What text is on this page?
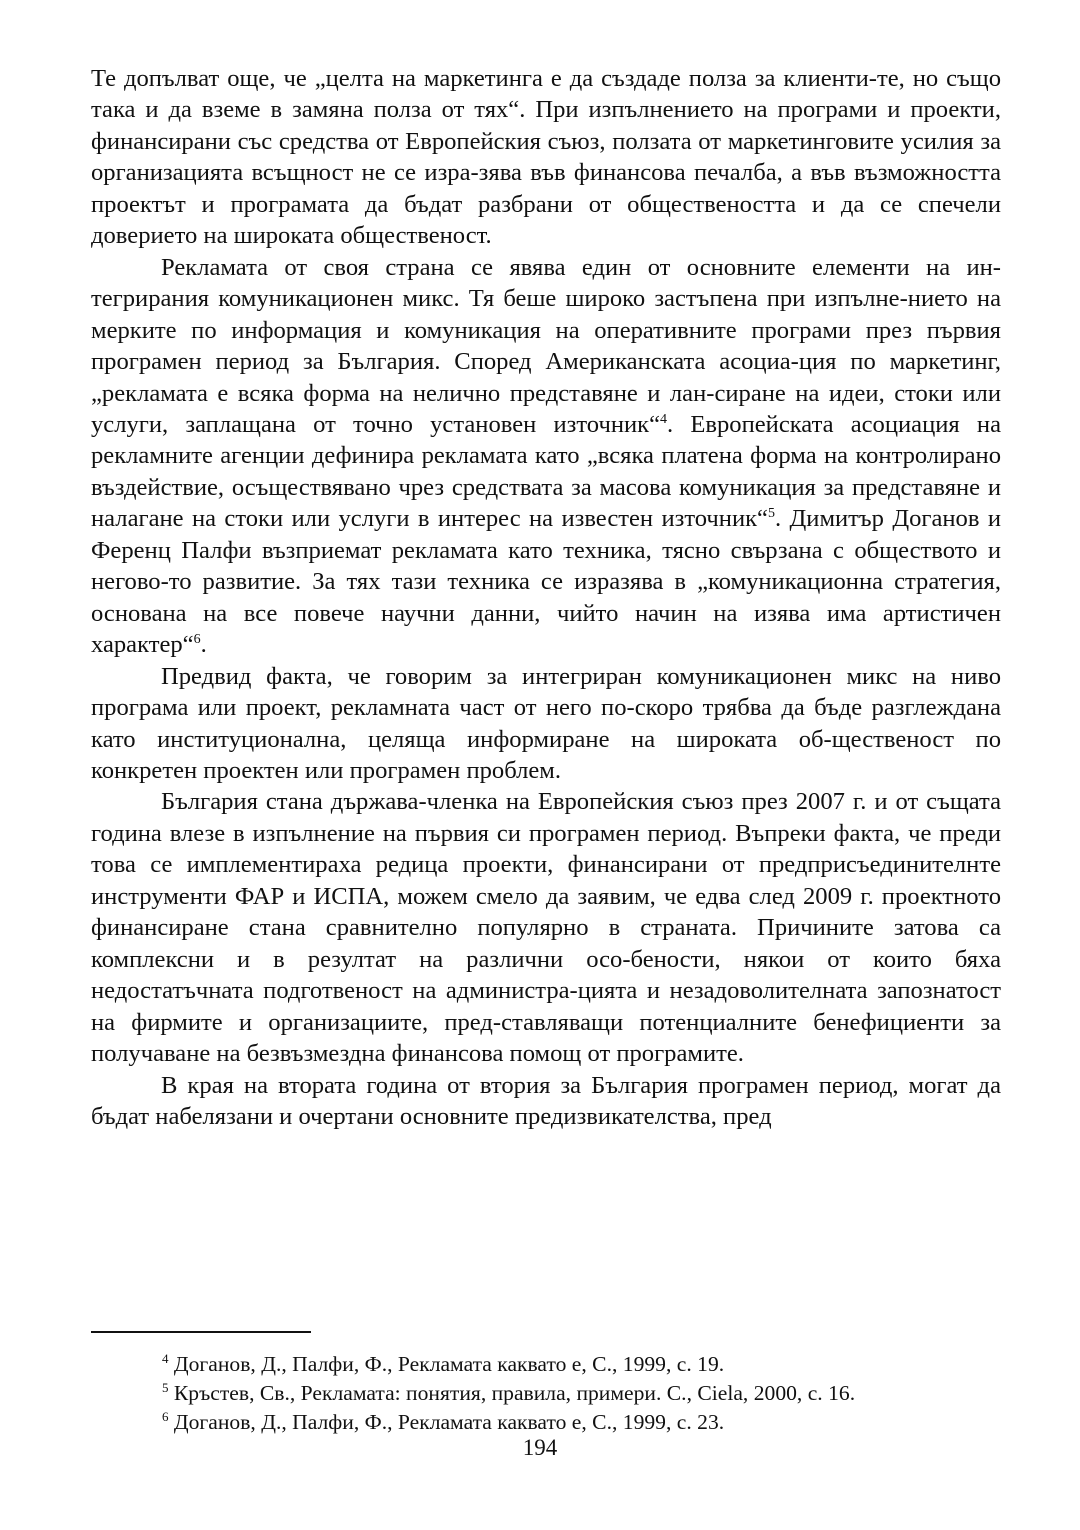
Те допълват още, че „целта на маркетинга е да създаде полза за клиенти-те, но също така и да вземе в замяна полза от тях“. При изпълнението на програми и проекти, финансирани със средства от Европейския съюз, ползата от маркетинговите усилия за организацията всъщност не се изра-зява във финансова печалба, а във възможността проектът и програмата да бъдат разбрани от обществеността и да се спечели доверието на широката общественост.

Рекламата от своя страна се явява един от основните елементи на ин-тегрирания комуникационен микс. Тя беше широко застъпена при изпълне-нието на мерките по информация и комуникация на оперативните програми през първия програмен период за България. Според Американската асоциа-ция по маркетинг, „рекламата е всяка форма на нелично представяне и лан-сиране на идеи, стоки или услуги, заплащана от точно установен източник“$^4$. Европейската асоциация на рекламните агенции дефинира рекламата като „всяка платена форма на контролирано въздействие, осъществявано чрез средствата за масова комуникация за представяне и налагане на стоки или услуги в интерес на известен източник“$^5$. Димитър Доганов и Ференц Палфи възприемат рекламата като техника, тясно свързана с обществото и негово-то развитие. За тях тази техника се изразява в „комуникационна стратегия, основана на все повече научни данни, чийто начин на изява има артистичен характер“$^6$.

Предвид факта, че говорим за интегриран комуникационен микс на ниво програма или проект, рекламната част от него по-скоро трябва да бъде разглеждана като институционална, целяща информиране на широката об-щественост по конкретен проектен или програмен проблем.

България стана държава-членка на Европейския съюз през 2007 г. и от същата година влезе в изпълнение на първия си програмен период. Въпреки факта, че преди това се имплементираха редица проекти, финансирани от предприсъединителнте инструменти ФАР и ИСПА, можем смело да заявим, че едва след 2009 г. проектното финансиране стана сравнително популярно в страната. Причините затова са комплексни и в резултат на различни осо-бености, някои от които бяха недостатъчната подготвеност на администра-цията и незадоволителната запознатост на фирмите и организациите, пред-ставляващи потенциалните бенефициенти за получаване на безвъзмездна финансова помощ от програмите.

В края на втората година от втория за България програмен период, могат да бъдат набелязани и очертани основните предизвикателства, пред

$^4$ Доганов, Д., Палфи, Ф., Рекламата каквато е, С., 1999, с. 19.

$^5$ Кръстев, Св., Рекламата: понятия, правила, примери. С., Ciela, 2000, с. 16.

$^6$ Доганов, Д., Палфи, Ф., Рекламата каквато е, С., 1999, с. 23.

194
